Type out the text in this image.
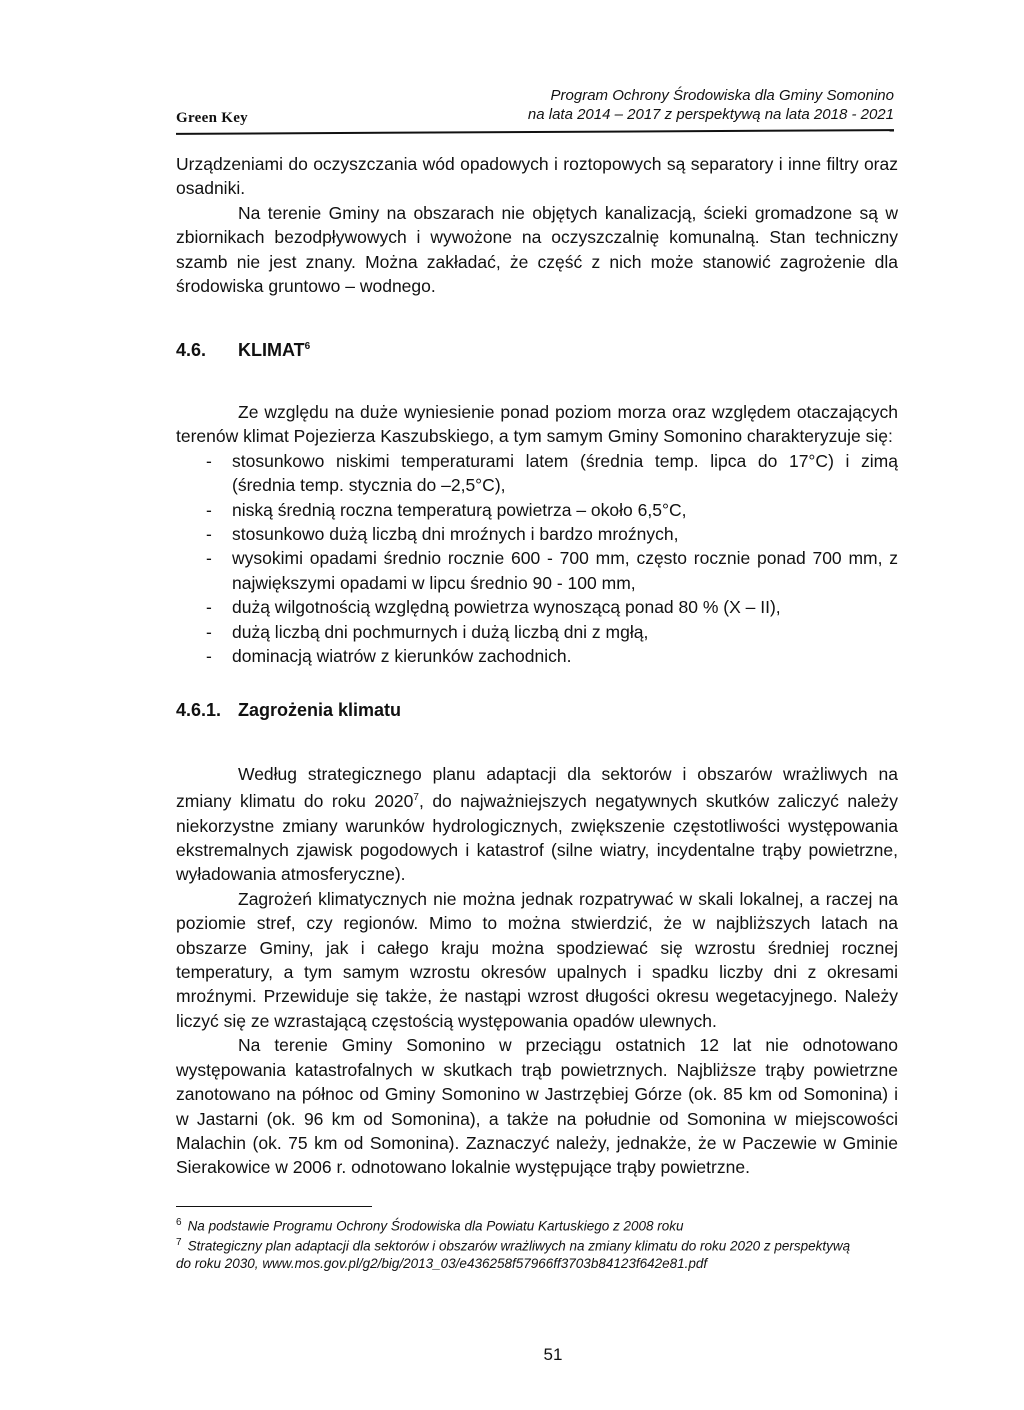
Green Key
Program Ochrony Środowiska dla Gminy Somonino
na lata 2014 – 2017 z perspektywą na lata 2018 - 2021

Urządzeniami do oczyszczania wód opadowych i roztopowych są separatory i inne filtry oraz osadniki.

Na terenie Gminy na obszarach nie objętych kanalizacją, ścieki gromadzone są w zbiornikach bezodpływowych i wywożone na oczyszczalnię komunalną. Stan techniczny szamb nie jest znany. Można zakładać, że część z nich może stanowić zagrożenie dla środowiska gruntowo – wodnego.

4.6. KLIMAT$^6$

Ze względu na duże wyniesienie ponad poziom morza oraz względem otaczających terenów klimat Pojezierza Kaszubskiego, a tym samym Gminy Somonino charakteryzuje się:

- stosunkowo niskimi temperaturami latem (średnia temp. lipca do 17°C) i zimą (średnia temp. stycznia do –2,5°C),
- niską średnią roczna temperaturą powietrza – około 6,5°C,
- stosunkowo dużą liczbą dni mroźnych i bardzo mroźnych,
- wysokimi opadami średnio rocznie 600 - 700 mm, często rocznie ponad 700 mm, z największymi opadami w lipcu średnio 90 - 100 mm,
- dużą wilgotnością względną powietrza wynoszącą ponad 80 % (X – II),
- dużą liczbą dni pochmurnych i dużą liczbą dni z mgłą,
- dominacją wiatrów z kierunków zachodnich.
4.6.1. Zagrożenia klimatu

Według strategicznego planu adaptacji dla sektorów i obszarów wrażliwych na zmiany klimatu do roku 2020$^7$, do najważniejszych negatywnych skutków zaliczyć należy niekorzystne zmiany warunków hydrologicznych, zwiększenie częstotliwości występowania ekstremalnych zjawisk pogodowych i katastrof (silne wiatry, incydentalne trąby powietrzne, wyładowania atmosferyczne).

Zagrożeń klimatycznych nie można jednak rozpatrywać w skali lokalnej, a raczej na poziomie stref, czy regionów. Mimo to można stwierdzić, że w najbliższych latach na obszarze Gminy, jak i całego kraju można spodziewać się wzrostu średniej rocznej temperatury, a tym samym wzrostu okresów upalnych i spadku liczby dni z okresami mroźnymi. Przewiduje się także, że nastąpi wzrost długości okresu wegetacyjnego. Należy liczyć się ze wzrastającą częstością występowania opadów ulewnych.

Na terenie Gminy Somonino w przeciągu ostatnich 12 lat nie odnotowano występowania katastrofalnych w skutkach trąb powietrznych. Najbliższe trąby powietrzne zanotowano na północ od Gminy Somonino w Jastrzębiej Górze (ok. 85 km od Somonina) i w Jastarni (ok. 96 km od Somonina), a także na południe od Somonina w miejscowości Malachin (ok. 75 km od Somonina). Zaznaczyć należy, jednakże, że w Paczewie w Gminie Sierakowice w 2006 r. odnotowano lokalnie występujące trąby powietrzne.

$^6$ Na podstawie Programu Ochrony Środowiska dla Powiatu Kartuskiego z 2008 roku
$^7$ Strategiczny plan adaptacji dla sektorów i obszarów wrażliwych na zmiany klimatu do roku 2020 z perspektywą
do roku 2030, www.mos.gov.pl/g2/big/2013_03/e436258f57966ff3703b84123f642e81.pdf
51
